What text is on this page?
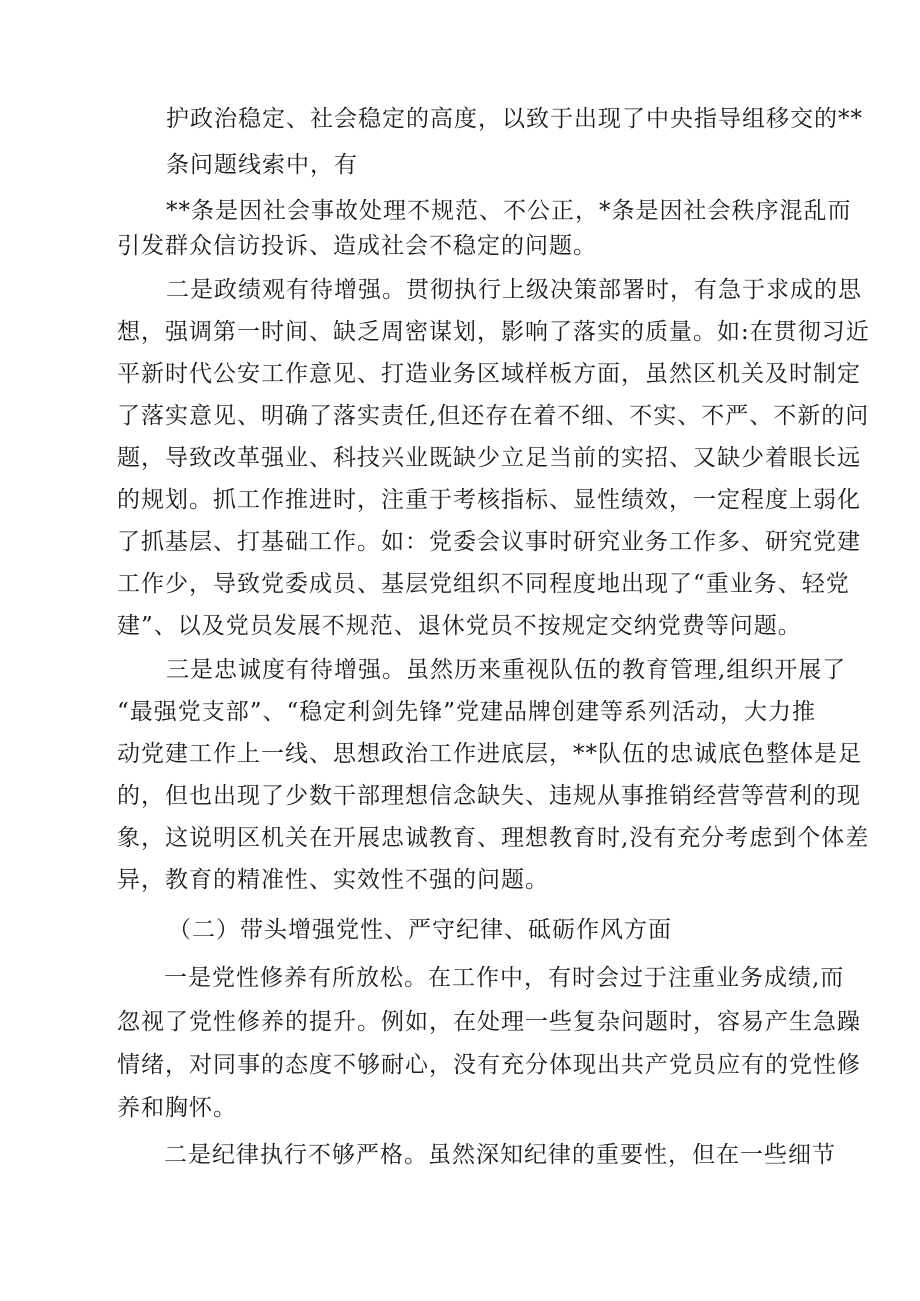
护政治稳定、社会稳定的高度，以致于出现了中央指导组移交的**
条问题线索中，有
**条是因社会事故处理不规范、不公正，*条是因社会秩序混乱而
引发群众信访投诉、造成社会不稳定的问题。
二是政绩观有待增强。贯彻执行上级决策部署时，有急于求成的思
想，强调第一时间、缺乏周密谋划，影响了落实的质量。如:在贯彻习近
平新时代公安工作意见、打造业务区域样板方面，虽然区机关及时制定
了落实意见、明确了落实责任,但还存在着不细、不实、不严、不新的问
题，导致改革强业、科技兴业既缺少立足当前的实招、又缺少着眼长远
的规划。抓工作推进时，注重于考核指标、显性绩效，一定程度上弱化
了抓基层、打基础工作。如：党委会议事时研究业务工作多、研究党建
工作少，导致党委成员、基层党组织不同程度地出现了“重业务、轻党
建”、以及党员发展不规范、退休党员不按规定交纳党费等问题。
三是忠诚度有待增强。虽然历来重视队伍的教育管理,组织开展了
“最强党支部”、“稳定利剑先锋”党建品牌创建等系列活动，大力推
动党建工作上一线、思想政治工作进底层，**队伍的忠诚底色整体是足
的，但也出现了少数干部理想信念缺失、违规从事推销经营等营利的现
象，这说明区机关在开展忠诚教育、理想教育时,没有充分考虑到个体差
异，教育的精准性、实效性不强的问题。
（二）带头增强党性、严守纪律、砥砺作风方面
一是党性修养有所放松。在工作中，有时会过于注重业务成绩,而
忽视了党性修养的提升。例如，在处理一些复杂问题时，容易产生急躁
情绪，对同事的态度不够耐心，没有充分体现出共产党员应有的党性修
养和胸怀。
二是纪律执行不够严格。虽然深知纪律的重要性，但在一些细节
